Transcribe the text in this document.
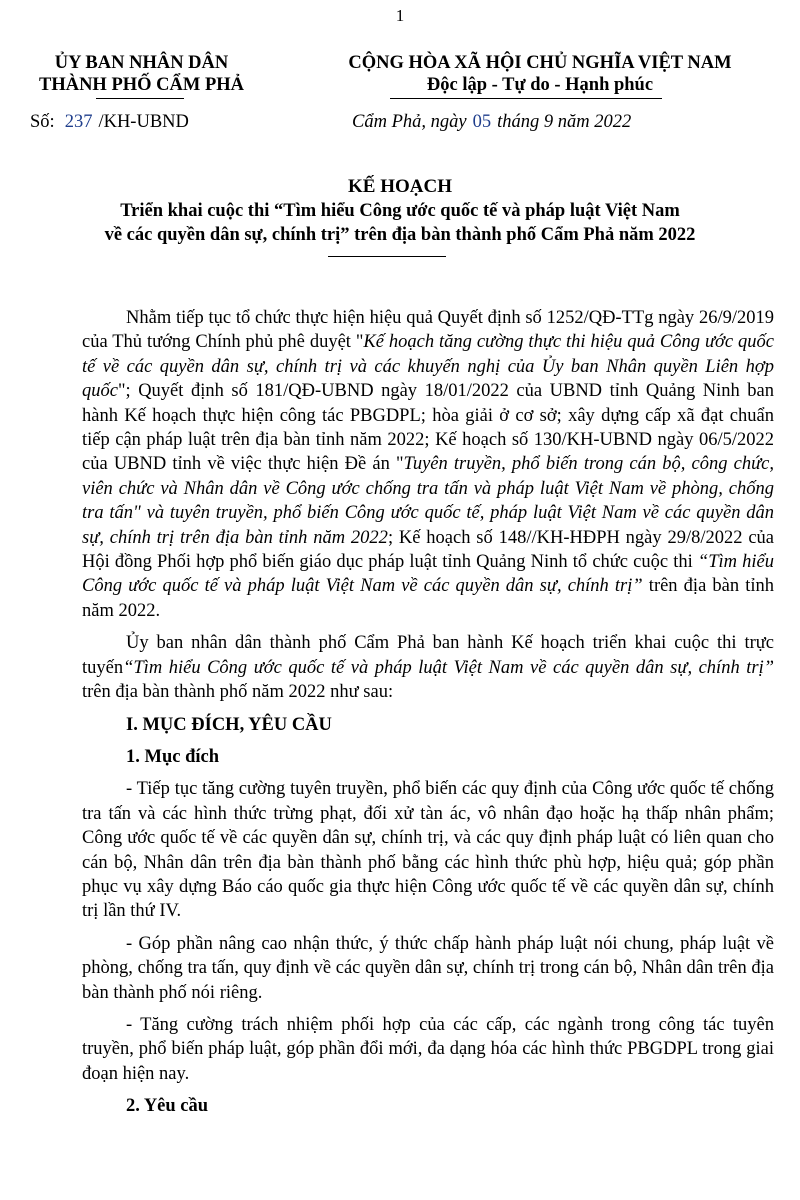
1
ỦY BAN NHÂN DÂN
THÀNH PHỐ CẨM PHẢ
CỘNG HÒA XÃ HỘI CHỦ NGHĨA VIỆT NAM
Độc lập - Tự do - Hạnh phúc
Số: 237 /KH-UBND	Cẩm Phả, ngày 05 tháng 9 năm 2022
KẾ HOẠCH
Triển khai cuộc thi “Tìm hiểu Công ước quốc tế và pháp luật Việt Nam
về các quyền dân sự, chính trị” trên địa bàn thành phố Cẩm Phả năm 2022

Nhằm tiếp tục tổ chức thực hiện hiệu quả Quyết định số 1252/QĐ-TTg ngày 26/9/2019 của Thủ tướng Chính phủ phê duyệt "Kế hoạch tăng cường thực thi hiệu quả Công ước quốc tế về các quyền dân sự, chính trị và các khuyến nghị của Ủy ban Nhân quyền Liên hợp quốc"; Quyết định số 181/QĐ-UBND ngày 18/01/2022 của UBND tỉnh Quảng Ninh ban hành Kế hoạch thực hiện công tác PBGDPL; hòa giải ở cơ sở; xây dựng cấp xã đạt chuẩn tiếp cận pháp luật trên địa bàn tỉnh năm 2022; Kế hoạch số 130/KH-UBND ngày 06/5/2022 của UBND tỉnh về việc thực hiện Đề án "Tuyên truyền, phổ biến trong cán bộ, công chức, viên chức và Nhân dân về Công ước chống tra tấn và pháp luật Việt Nam về phòng, chống tra tấn" và tuyên truyền, phổ biến Công ước quốc tế, pháp luật Việt Nam về các quyền dân sự, chính trị trên địa bàn tỉnh năm 2022; Kế hoạch số 148//KH-HĐPH ngày 29/8/2022 của Hội đồng Phối hợp phổ biến giáo dục pháp luật tỉnh Quảng Ninh tổ chức cuộc thi “Tìm hiểu Công ước quốc tế và pháp luật Việt Nam về các quyền dân sự, chính trị” trên địa bàn tỉnh năm 2022.

Ủy ban nhân dân thành phố Cẩm Phả ban hành Kế hoạch triển khai cuộc thi trực tuyến“Tìm hiểu Công ước quốc tế và pháp luật Việt Nam về các quyền dân sự, chính trị” trên địa bàn thành phố năm 2022 như sau:

I. MỤC ĐÍCH, YÊU CẦU
1. Mục đích

- Tiếp tục tăng cường tuyên truyền, phổ biến các quy định của Công ước quốc tế chống tra tấn và các hình thức trừng phạt, đối xử tàn ác, vô nhân đạo hoặc hạ thấp nhân phẩm; Công ước quốc tế về các quyền dân sự, chính trị, và các quy định pháp luật có liên quan cho cán bộ, Nhân dân trên địa bàn thành phố bằng các hình thức phù hợp, hiệu quả; góp phần phục vụ xây dựng Báo cáo quốc gia thực hiện Công ước quốc tế về các quyền dân sự, chính trị lần thứ IV.

- Góp phần nâng cao nhận thức, ý thức chấp hành pháp luật nói chung, pháp luật về phòng, chống tra tấn, quy định về các quyền dân sự, chính trị trong cán bộ, Nhân dân trên địa bàn thành phố nói riêng.

- Tăng cường trách nhiệm phối hợp của các cấp, các ngành trong công tác tuyên truyền, phổ biến pháp luật, góp phần đổi mới, đa dạng hóa các hình thức PBGDPL trong giai đoạn hiện nay.

2. Yêu cầu
